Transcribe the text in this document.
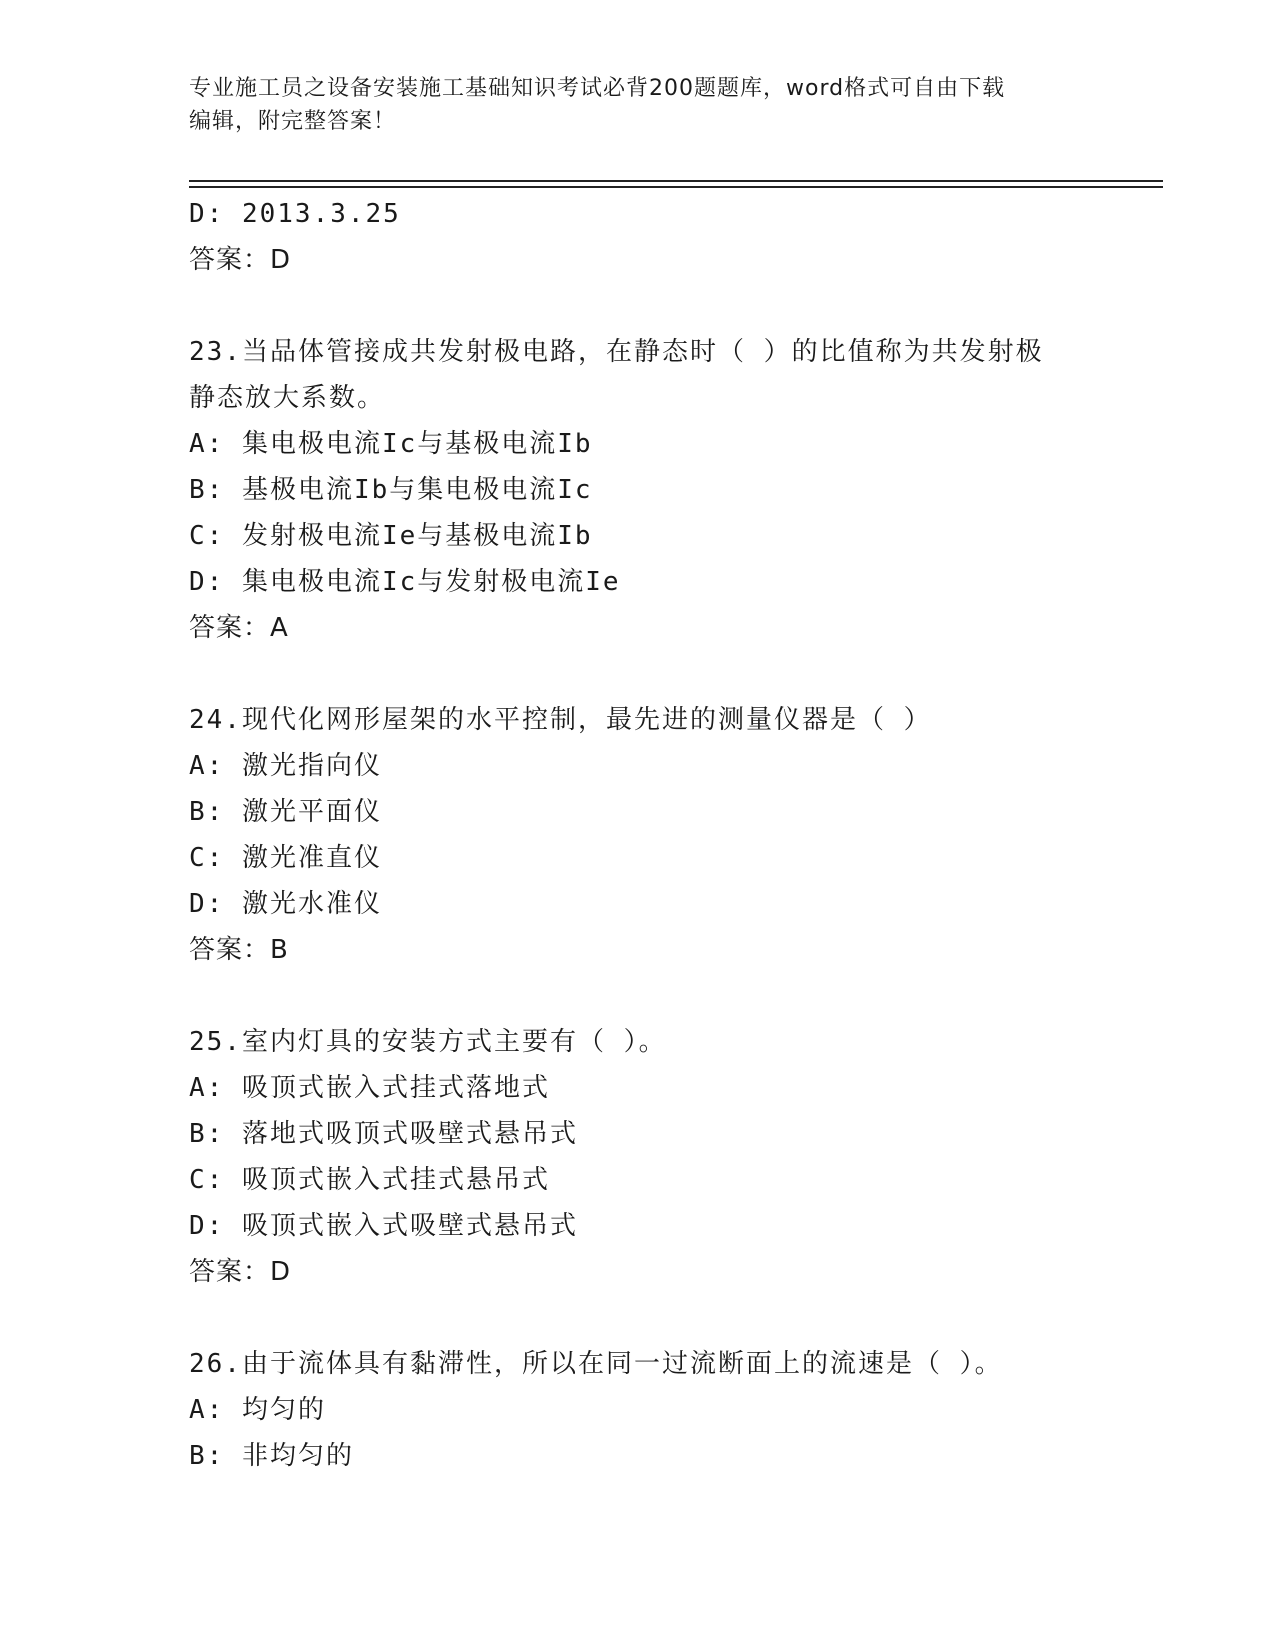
专业施工员之设备安装施工基础知识考试必背200题题库，word格式可自由下载
编辑，附完整答案！
D: 2013.3.25
答案：D
23.当品体管接成共发射极电路，在静态时（ ）的比值称为共发射极
静态放大系数。
A: 集电极电流Ic与基极电流Ib
B: 基极电流Ib与集电极电流Ic
C: 发射极电流Ie与基极电流Ib
D: 集电极电流Ic与发射极电流Ie
答案：A
24.现代化网形屋架的水平控制，最先进的测量仪器是（ ）
A: 激光指向仪
B: 激光平面仪
C: 激光准直仪
D: 激光水准仪
答案：B
25.室内灯具的安装方式主要有（ ）。
A: 吸顶式嵌入式挂式落地式
B: 落地式吸顶式吸壁式悬吊式
C: 吸顶式嵌入式挂式悬吊式
D: 吸顶式嵌入式吸壁式悬吊式
答案：D
26.由于流体具有黏滞性，所以在同一过流断面上的流速是（ ）。
A: 均匀的
B: 非均匀的
